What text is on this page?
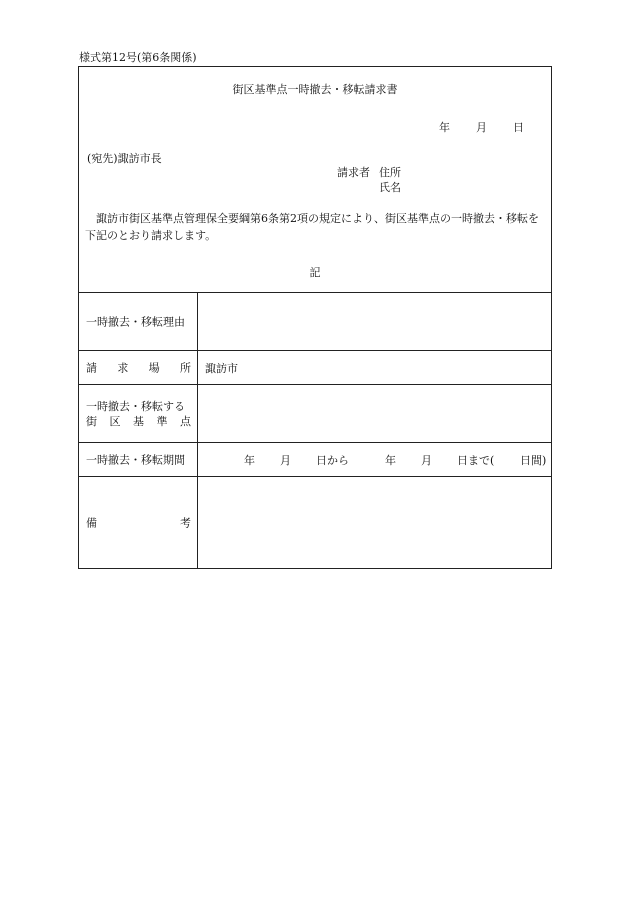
様式第12号(第6条関係)
街区基準点一時撤去・移転請求書
年 月 日
(宛先)諏訪市長
請求者 住所
氏名
諏訪市街区基準点管理保全要綱第6条第2項の規定により、街区基準点の一時撤去・移転を下記のとおり請求します。
記
一時撤去・移転理由
請 求 場 所 諏訪市
一時撤去・移転する
街 区 基 準 点
一時撤去・移転期間	年 月 日から	年 月 日まで( 日間)
備	考
